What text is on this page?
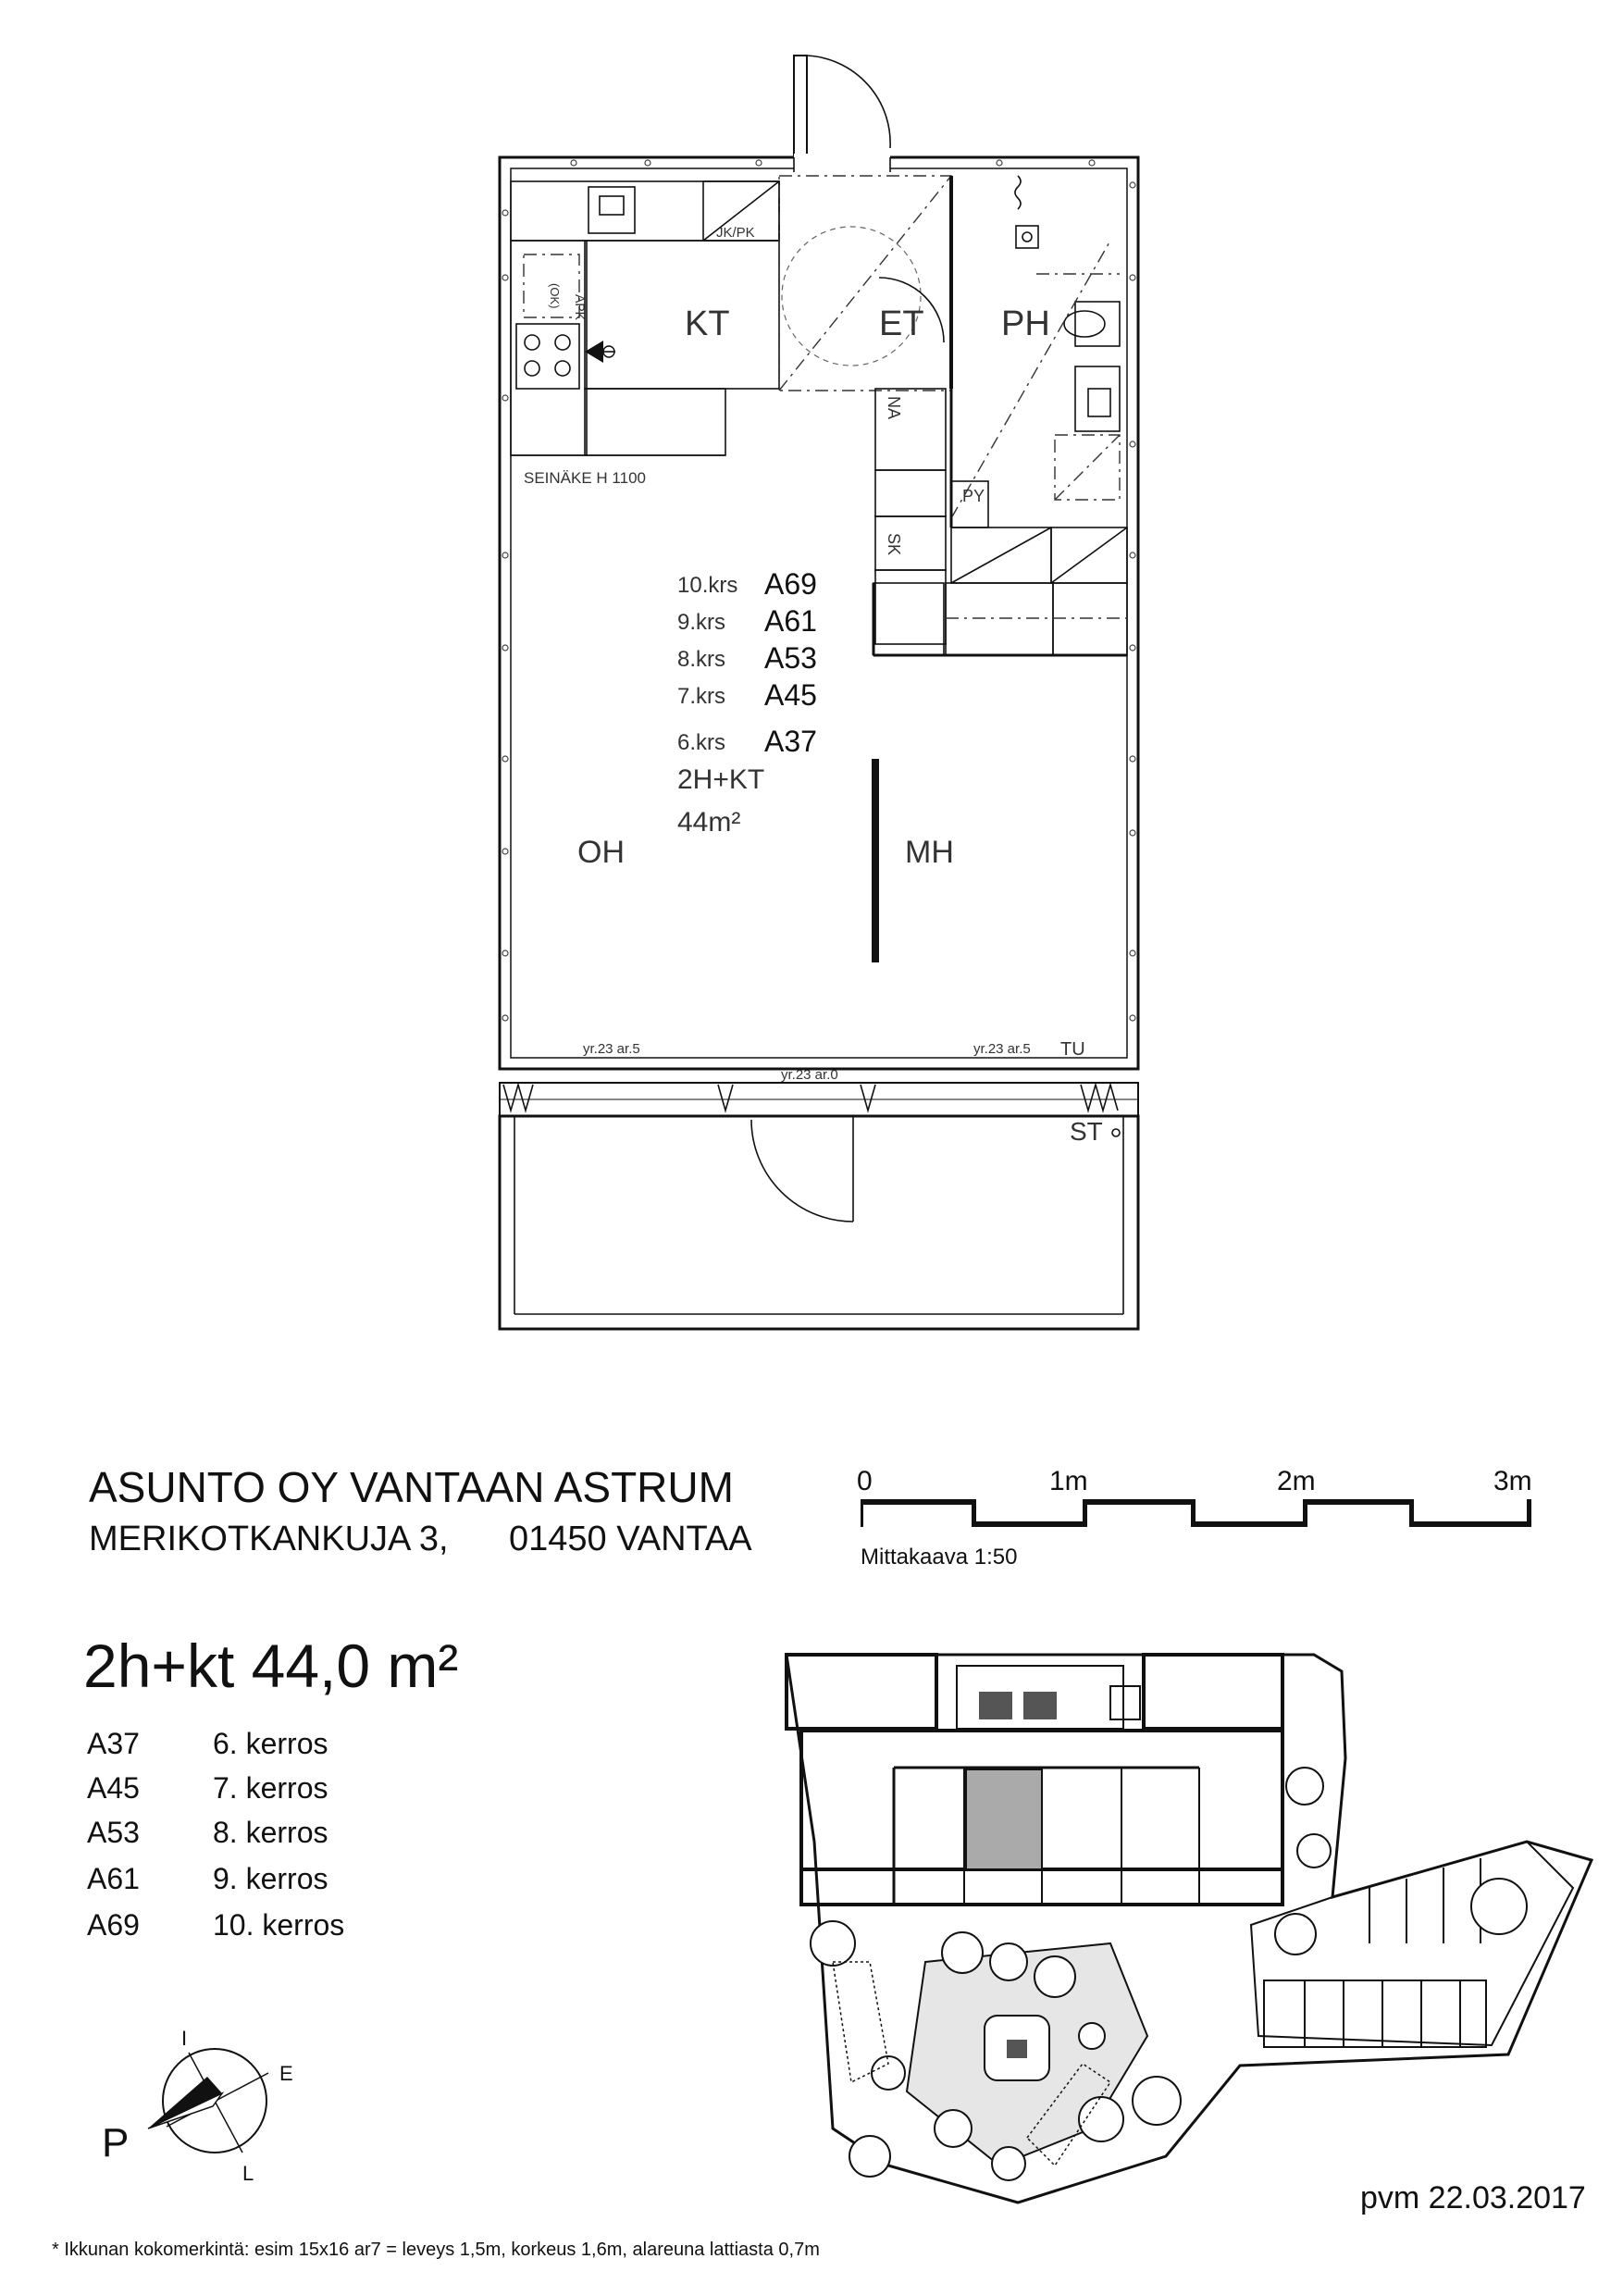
KT	ET PH
OH	MH
TU
ST
JK/PK
APK
(OK)
NA
PY
SK
SEINÄKE H 1100
yr.23 ar.5
yr.23 ar.0
yr.23 ar.5
10.krs A69
9.krs A61
8.krs A53
7.krs A45
6.krs A37
2H+KT
44m²
0	1m	2m	3m
Mittakaava 1:50
P
I
E
L
ASUNTO OY VANTAAN ASTRUM
MERIKOTKANKUJA 3, 01450 VANTAA
2h+kt 44,0 m²
A37 6. kerros
A45 7. kerros
A53 8. kerros
A61 9. kerros
A69 10. kerros
pvm 22.03.2017
* Ikkunan kokomerkintä: esim 15x16 ar7 = leveys 1,5m, korkeus 1,6m, alareuna lattiasta 0,7m
